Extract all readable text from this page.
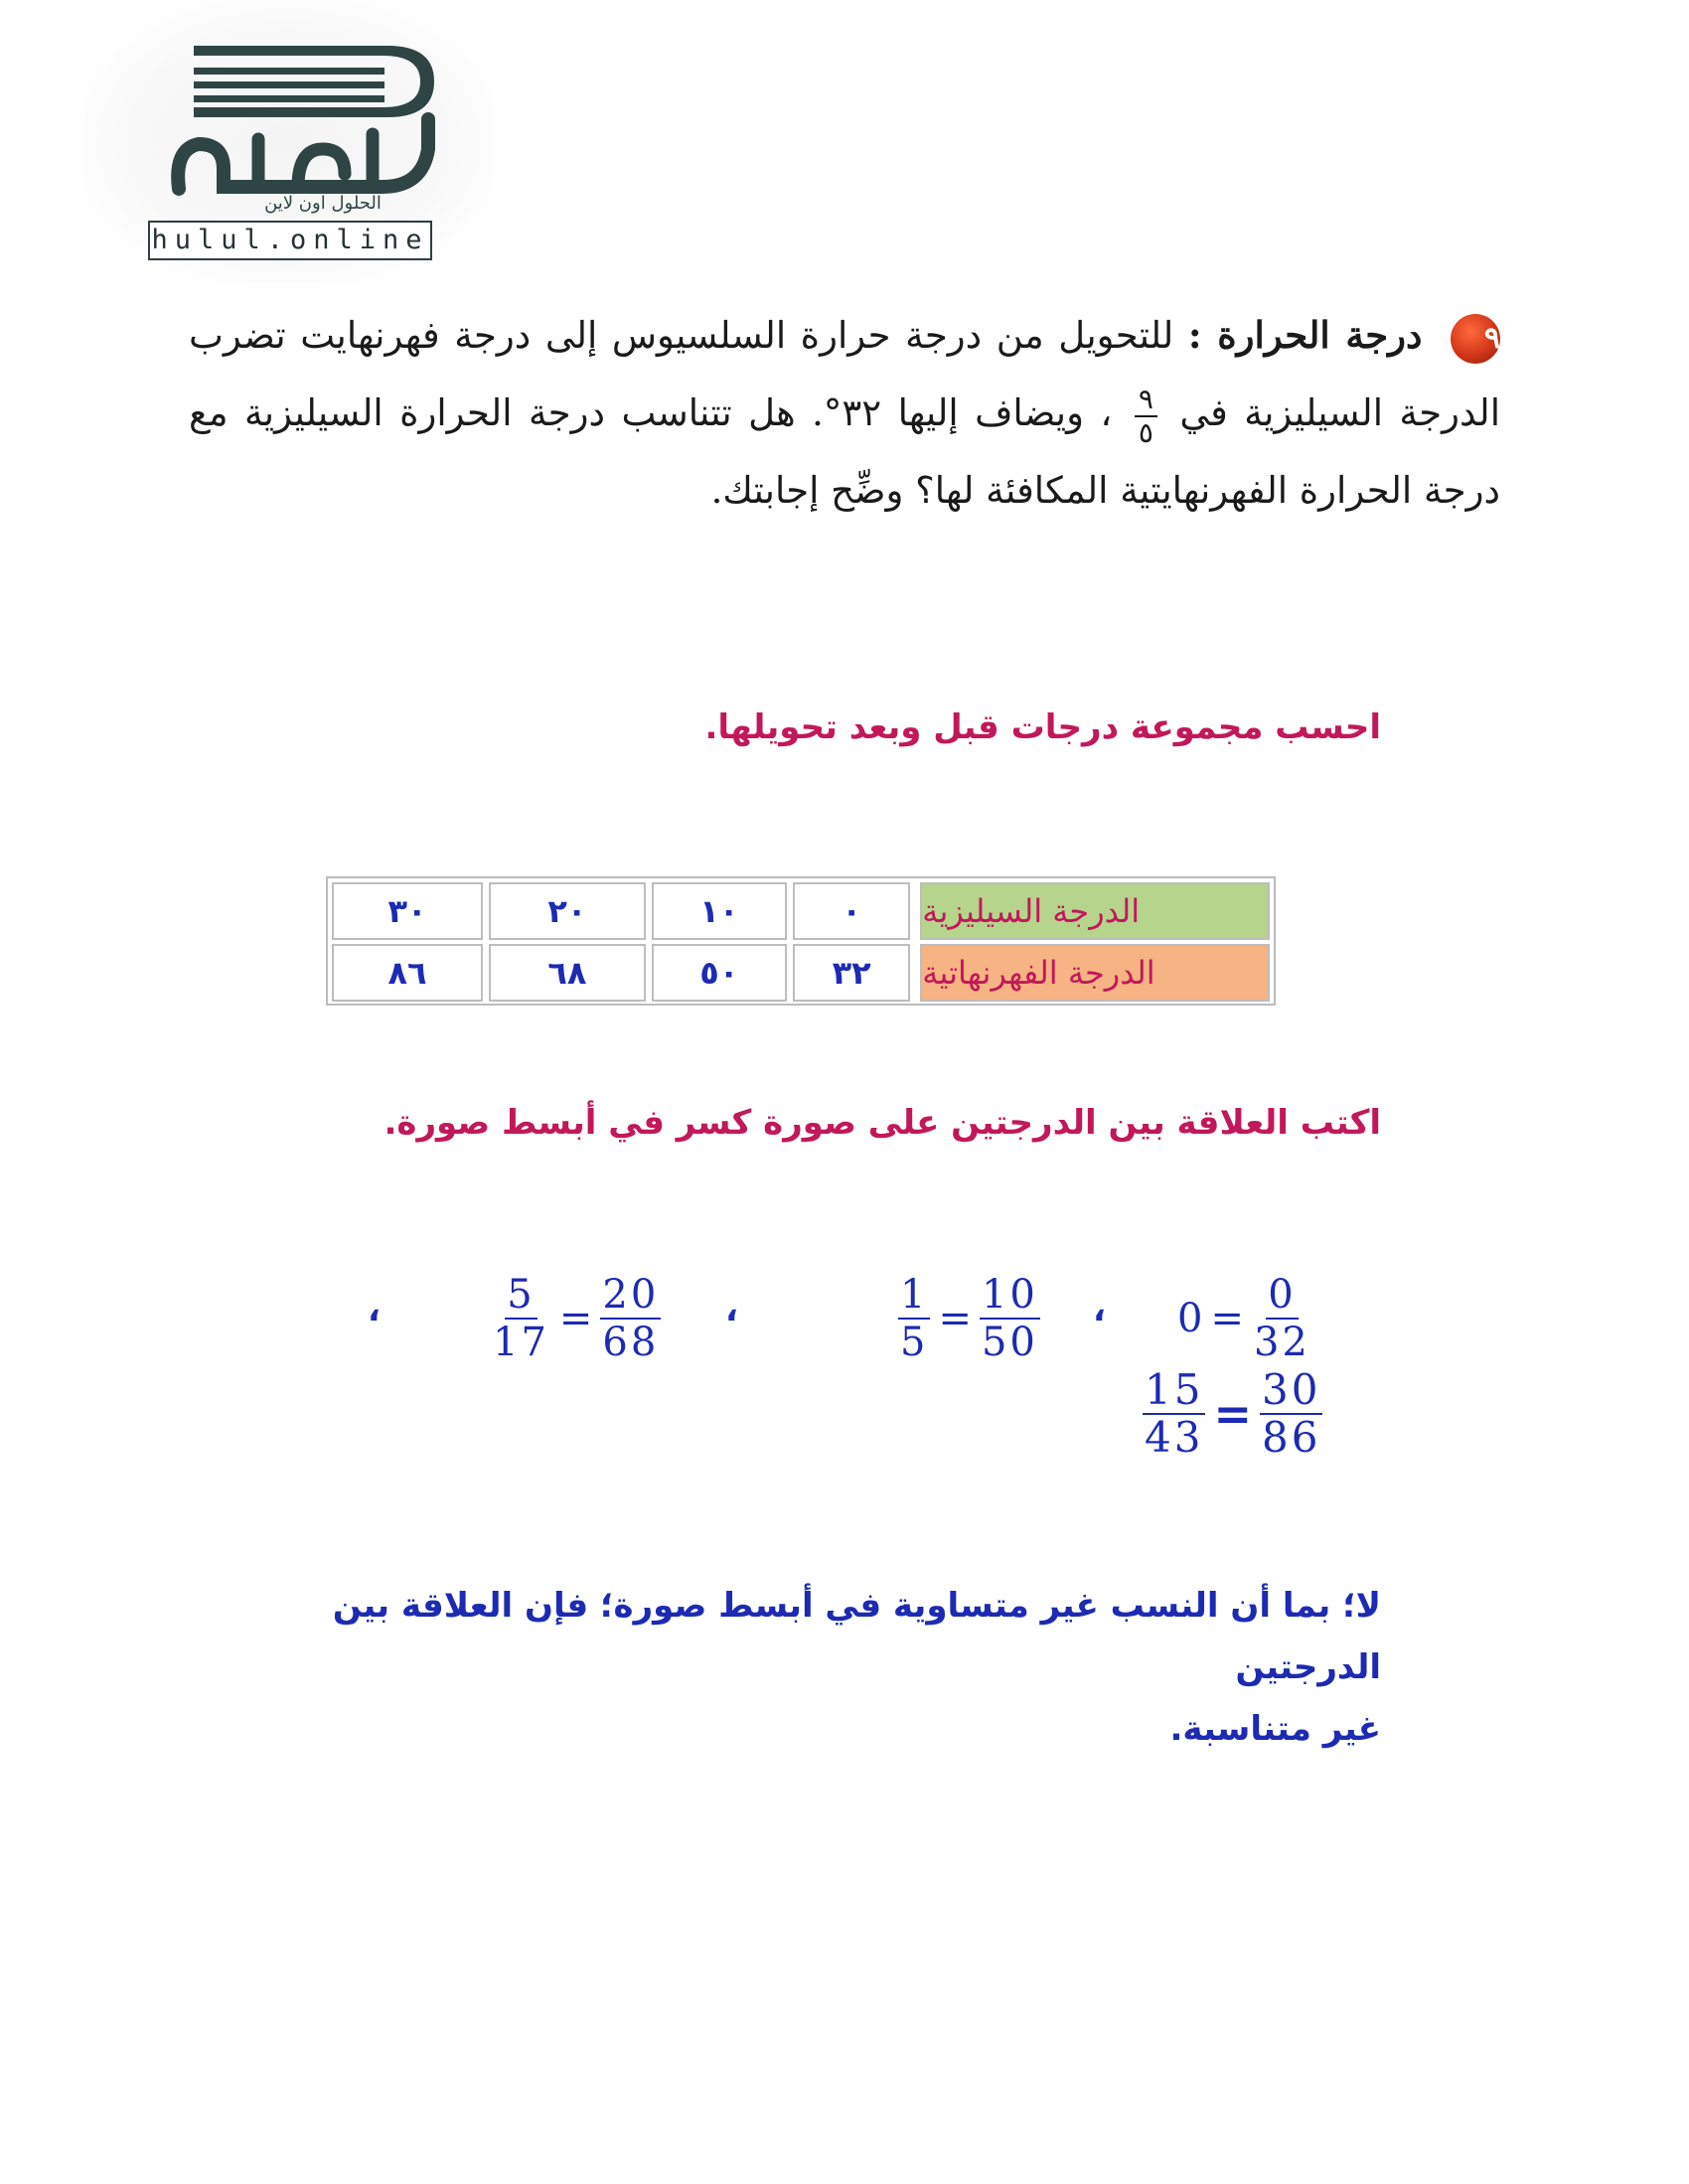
الحلول اون لاين
حلول
hulul.online
٩ درجة الحرارة : للتحويل من درجة حرارة السلسيوس إلى درجة فهرنهايت تضرب الدرجة السيليزية في
$\frac{٩}{٥}$
، ويضاف إليها ٣٢°. هل تتناسب درجة الحرارة السيليزية مع درجة الحرارة الفهرنهايتية المكافئة لها؟ وضِّح إجابتك.
احسب مجموعة درجات قبل وبعد تحويلها.
الدرجة السيليزية
٠
١٠
٢٠
٣٠
الدرجة الفهرنهاتية
٣٢
٥٠
٦٨
٨٦
اكتب العلاقة بين الدرجتين على صورة كسر في أبسط صورة.
$0 = \frac{0}{32}$
،
$\frac{1}{5} = \frac{10}{50}$
،
$\frac{5}{17} = \frac{20}{68}$
،
$\frac{15}{43} = \frac{30}{86}$
لا؛ بما أن النسب غير متساوية في أبسط صورة؛ فإن العلاقة بين الدرجتين
غير متناسبة.
